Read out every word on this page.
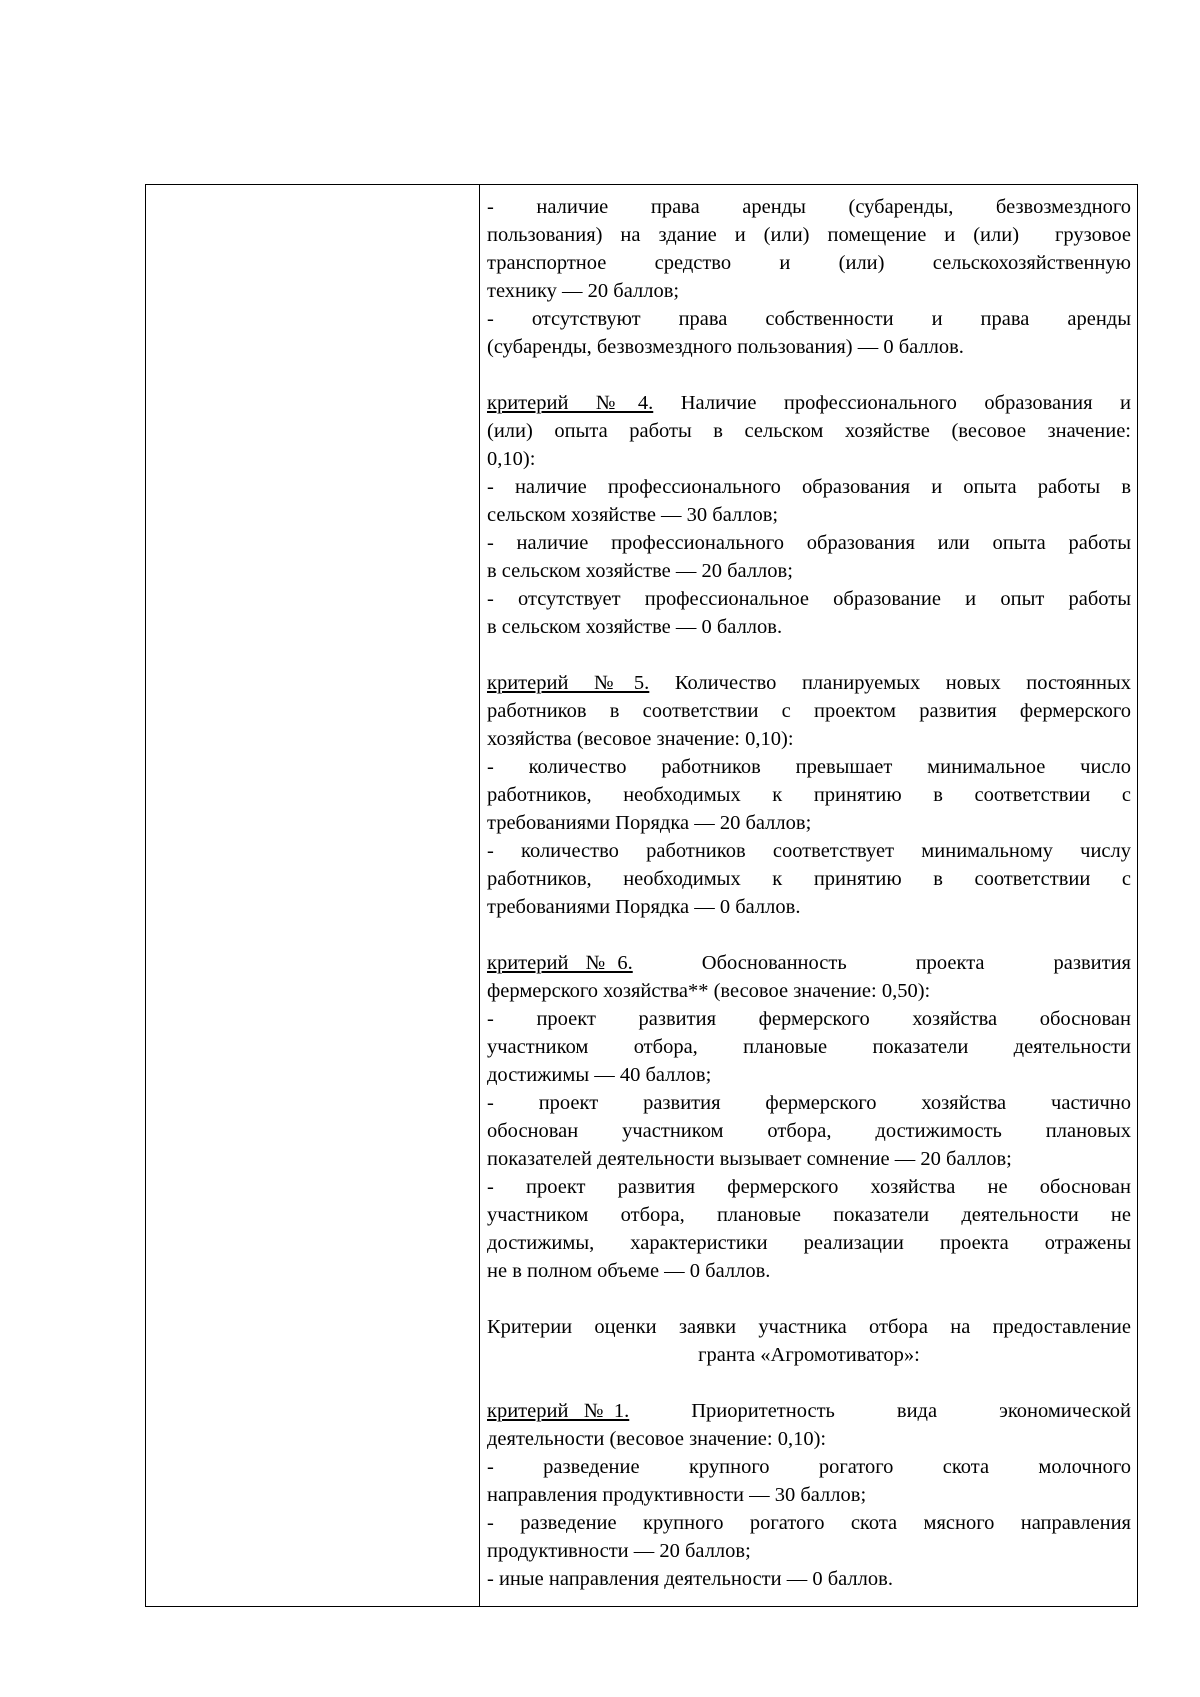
-   наличие   права   аренды   (субаренды,   безвозмездного
пользования) на здание и (или) помещение и (или)  грузовое
транспортное   средство   и   (или)   сельскохозяйственную
технику — 20 баллов;
-  отсутствуют  права  собственности  и  права  аренды
(субаренды, безвозмездного пользования) — 0 баллов.
критерий №4. Наличие профессионального образования и
(или) опыта работы в сельском хозяйстве (весовое значение:
0,10):
- наличие профессионального образования и опыта работы в
сельском хозяйстве — 30 баллов;
- наличие профессионального образования или опыта работы
в сельском хозяйстве — 20 баллов;
- отсутствует профессиональное образование и опыт работы
в сельском хозяйстве — 0 баллов.
критерий №5. Количество планируемых новых постоянных
работников в соответствии с проектом развития фермерского
хозяйства (весовое значение: 0,10):
-  количество  работников  превышает  минимальное  число
работников,  необходимых  к  принятию  в  соответствии  с
требованиями Порядка — 20 баллов;
- количество работников соответствует минимальному числу
работников,  необходимых  к  принятию  в  соответствии  с
требованиями Порядка — 0 баллов.
критерий №6.    Обоснованность    проекта    развития
фермерского хозяйства** (весовое значение: 0,50):
-   проект   развития   фермерского   хозяйства   обоснован
участником  отбора,  плановые  показатели  деятельности
достижимы — 40 баллов;
-   проект   развития   фермерского   хозяйства   частично
обоснован  участником  отбора,  достижимость  плановых
показателей деятельности вызывает сомнение — 20 баллов;
-  проект  развития  фермерского  хозяйства  не  обоснован
участником  отбора,  плановые  показатели  деятельности  не
достижимы,  характеристики  реализации  проекта  отражены
не в полном объеме — 0 баллов.
Критерии оценки заявки участника отбора на предоставление
гранта «Агромотиватор»:
критерий №1.    Приоритетность    вида    экономической
деятельности (весовое значение: 0,10):
-    разведение    крупного    рогатого    скота    молочного
направления продуктивности — 30 баллов;
- разведение крупного рогатого скота мясного направления
продуктивности — 20 баллов;
- иные направления деятельности — 0 баллов.
